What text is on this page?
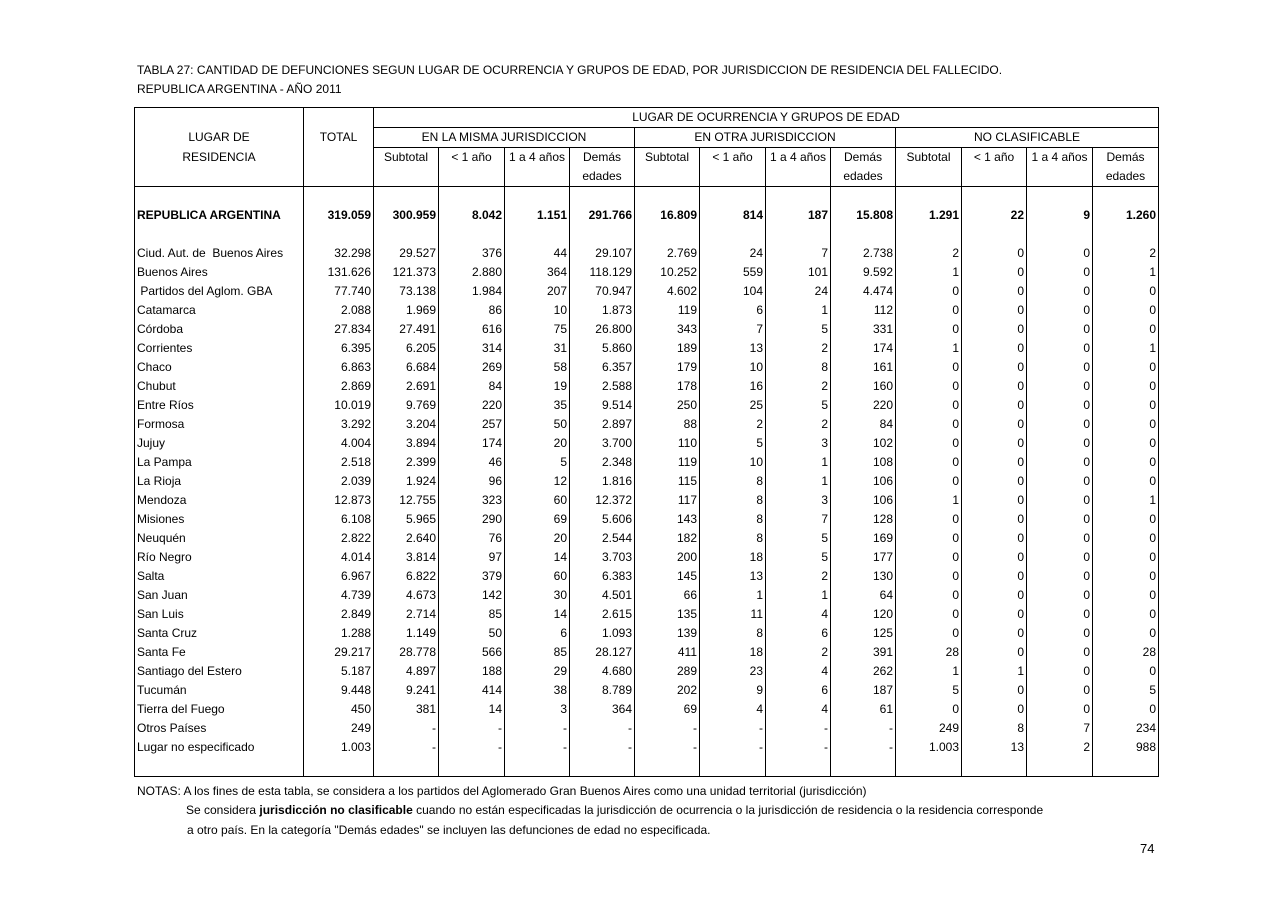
TABLA 27: CANTIDAD DE DEFUNCIONES SEGUN LUGAR DE OCURRENCIA Y GRUPOS DE EDAD, POR JURISDICCION DE RESIDENCIA DEL FALLECIDO.
REPUBLICA ARGENTINA - AÑO 2011
		LUGAR DE OCURRENCIA Y GRUPOS DE EDAD											
LUGAR DE	TOTAL	EN LA MISMA JURISDICCION				EN OTRA JURISDICCION				NO CLASIFICABLE			
RESIDENCIA		Subtotal	< 1 año	1 a 4 años	Demás	Subtotal	< 1 año	1 a 4 años	Demás	Subtotal	< 1 año	1 a 4 años	Demás
					edades				edades				edades

REPUBLICA ARGENTINA	319.059	300.959	8.042	1.151	291.766	16.809	814	187	15.808	1.291	22	9	1.260

Ciud. Aut. de  Buenos Aires	32.298	29.527	376	44	29.107	2.769	24	7	2.738	2	0	0	2
Buenos Aires	131.626	121.373	2.880	364	118.129	10.252	559	101	9.592	1	0	0	1
Partidos del Aglom. GBA	77.740	73.138	1.984	207	70.947	4.602	104	24	4.474	0	0	0	0
Catamarca	2.088	1.969	86	10	1.873	119	6	1	112	0	0	0	0
Córdoba	27.834	27.491	616	75	26.800	343	7	5	331	0	0	0	0
Corrientes	6.395	6.205	314	31	5.860	189	13	2	174	1	0	0	1
Chaco	6.863	6.684	269	58	6.357	179	10	8	161	0	0	0	0
Chubut	2.869	2.691	84	19	2.588	178	16	2	160	0	0	0	0
Entre Ríos	10.019	9.769	220	35	9.514	250	25	5	220	0	0	0	0
Formosa	3.292	3.204	257	50	2.897	88	2	2	84	0	0	0	0
Jujuy	4.004	3.894	174	20	3.700	110	5	3	102	0	0	0	0
La Pampa	2.518	2.399	46	5	2.348	119	10	1	108	0	0	0	0
La Rioja	2.039	1.924	96	12	1.816	115	8	1	106	0	0	0	0
Mendoza	12.873	12.755	323	60	12.372	117	8	3	106	1	0	0	1
Misiones	6.108	5.965	290	69	5.606	143	8	7	128	0	0	0	0
Neuquén	2.822	2.640	76	20	2.544	182	8	5	169	0	0	0	0
Río Negro	4.014	3.814	97	14	3.703	200	18	5	177	0	0	0	0
Salta	6.967	6.822	379	60	6.383	145	13	2	130	0	0	0	0
San Juan	4.739	4.673	142	30	4.501	66	1	1	64	0	0	0	0
San Luis	2.849	2.714	85	14	2.615	135	11	4	120	0	0	0	0
Santa Cruz	1.288	1.149	50	6	1.093	139	8	6	125	0	0	0	0
Santa Fe	29.217	28.778	566	85	28.127	411	18	2	391	28	0	0	28
Santiago del Estero	5.187	4.897	188	29	4.680	289	23	4	262	1	1	0	0
Tucumán	9.448	9.241	414	38	8.789	202	9	6	187	5	0	0	5
Tierra del Fuego	450	381	14	3	364	69	4	4	61	0	0	0	0
Otros Países	249	-	-	-	-	-	-	-	-	249	8	7	234
Lugar no especificado	1.003	-	-	-	-	-	-	-	-	1.003	13	2	988

NOTAS: A los fines de esta tabla, se considera a los partidos del Aglomerado Gran Buenos Aires como una unidad territorial (jurisdicción)
Se considera jurisdicción no clasificable cuando no están especificadas la jurisdicción de ocurrencia o la jurisdicción de residencia o la residencia corresponde
a otro país. En la categoría "Demás edades" se incluyen las defunciones de edad no especificada.
74
